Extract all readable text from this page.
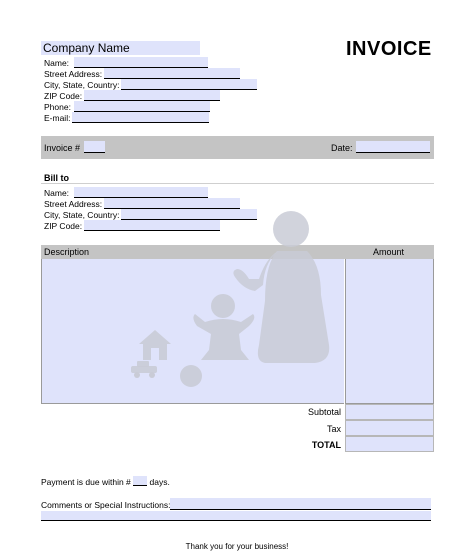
Company Name	INVOICE
Name:
Street Address:
City, State, Country:
ZIP Code:
Phone:
E-mail:
Invoice #	Date:
Bill to
Name:
Street Address:
City, State, Country:
ZIP Code:
Description	Amount
Subtotal
Tax
TOTAL
Payment is due within # days.
Comments or Special Instructions:
Thank you for your business!
